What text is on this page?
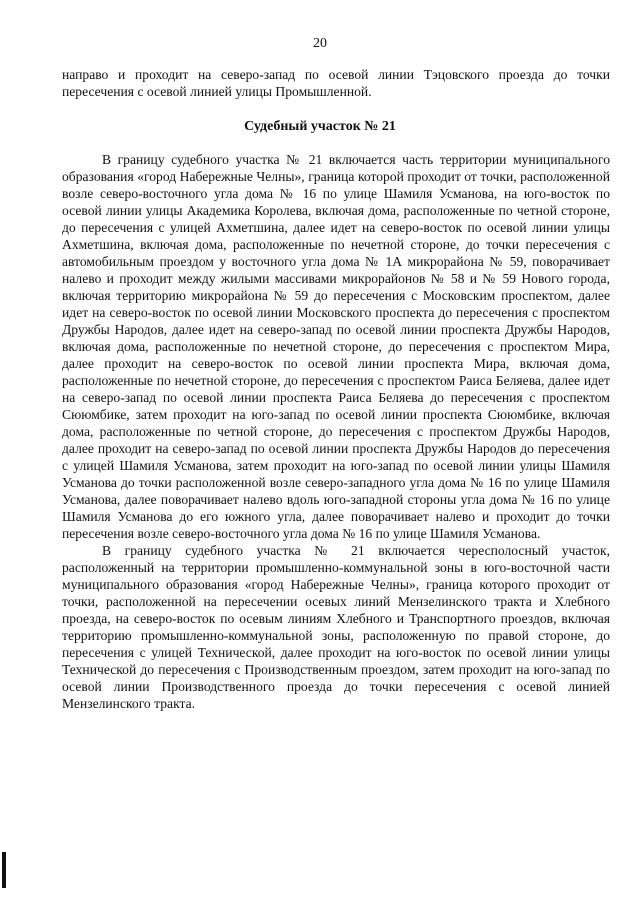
20
направо и проходит на северо-запад по осевой линии Тэцовского проезда до точки пересечения с осевой линией улицы Промышленной.
Судебный участок № 21

В границу судебного участка № 21 включается часть территории муниципального образования «город Набережные Челны», граница которой проходит от точки, расположенной возле северо-восточного угла дома № 16 по улице Шамиля Усманова, на юго-восток по осевой линии улицы Академика Королева, включая дома, расположенные по четной стороне, до пересечения с улицей Ахметшина, далее идет на северо-восток по осевой линии улицы Ахметшина, включая дома, расположенные по нечетной стороне, до точки пересечения с автомобильным проездом у восточного угла дома № 1А микрорайона № 59, поворачивает налево и проходит между жилыми массивами микрорайонов № 58 и № 59 Нового города, включая территорию микрорайона № 59 до пересечения с Московским проспектом, далее идет на северо-восток по осевой линии Московского проспекта до пересечения с проспектом Дружбы Народов, далее идет на северо-запад по осевой линии проспекта Дружбы Народов, включая дома, расположенные по нечетной стороне, до пересечения с проспектом Мира, далее проходит на северо-восток по осевой линии проспекта Мира, включая дома, расположенные по нечетной стороне, до пересечения с проспектом Раиса Беляева, далее идет на северо-запад по осевой линии проспекта Раиса Беляева до пересечения с проспектом Сююмбике, затем проходит на юго-запад по осевой линии проспекта Сююмбике, включая дома, расположенные по четной стороне, до пересечения с проспектом Дружбы Народов, далее проходит на северо-запад по осевой линии проспекта Дружбы Народов до пересечения с улицей Шамиля Усманова, затем проходит на юго-запад по осевой линии улицы Шамиля Усманова до точки расположенной возле северо-западного угла дома № 16 по улице Шамиля Усманова, далее поворачивает налево вдоль юго-западной стороны угла дома № 16 по улице Шамиля Усманова до его южного угла, далее поворачивает налево и проходит до точки пересечения возле северо-восточного угла дома № 16 по улице Шамиля Усманова.

В границу судебного участка № 21 включается чересполосный участок, расположенный на территории промышленно-коммунальной зоны в юго-восточной части муниципального образования «город Набережные Челны», граница которого проходит от точки, расположенной на пересечении осевых линий Мензелинского тракта и Хлебного проезда, на северо-восток по осевым линиям Хлебного и Транспортного проездов, включая территорию промышленно-коммунальной зоны, расположенную по правой стороне, до пересечения с улицей Технической, далее проходит на юго-восток по осевой линии улицы Технической до пересечения с Производственным проездом, затем проходит на юго-запад по осевой линии Производственного проезда до точки пересечения с осевой линией Мензелинского тракта.
